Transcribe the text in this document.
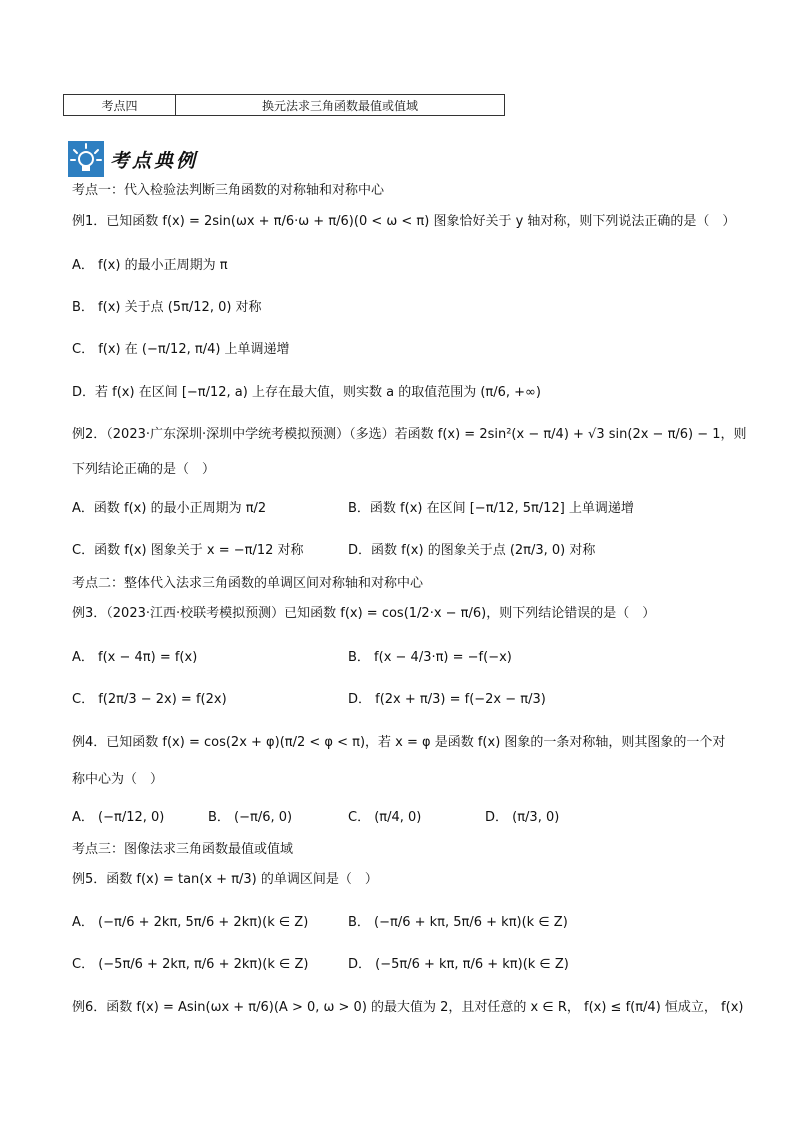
考点四	换元法求三角函数最值或值域
考点典例
考点一：代入检验法判断三角函数的对称轴和对称中心
例1．已知函数 f(x) = 2sin(ωx + π/6·ω + π/6)(0 < ω < π) 图象恰好关于 y 轴对称，则下列说法正确的是（　）
A． f(x) 的最小正周期为 π
B． f(x) 关于点 (5π/12, 0) 对称
C． f(x) 在 (−π/12, π/4) 上单调递增
D．若 f(x) 在区间 [−π/12, a) 上存在最大值，则实数 a 的取值范围为 (π/6, +∞)
例2．（2023·广东深圳·深圳中学统考模拟预测）（多选）若函数 f(x) = 2sin²(x − π/4) + √3 sin(2x − π/6) − 1，则
下列结论正确的是（　）
A．函数 f(x) 的最小正周期为 π/2	B．函数 f(x) 在区间 [−π/12, 5π/12] 上单调递增
C．函数 f(x) 图象关于 x = −π/12 对称	D．函数 f(x) 的图象关于点 (2π/3, 0) 对称
考点二：整体代入法求三角函数的单调区间对称轴和对称中心
例3．（2023·江西·校联考模拟预测）已知函数 f(x) = cos(1/2·x − π/6)，则下列结论错误的是（　）
A． f(x − 4π) = f(x)	B． f(x − 4/3·π) = −f(−x)
C． f(2π/3 − 2x) = f(2x)	D． f(2x + π/3) = f(−2x − π/3)
例4．已知函数 f(x) = cos(2x + φ)(π/2 < φ < π)，若 x = φ 是函数 f(x) 图象的一条对称轴，则其图象的一个对
称中心为（　）
A． (−π/12, 0)	B． (−π/6, 0)	C． (π/4, 0)	D． (π/3, 0)
考点三：图像法求三角函数最值或值域
例5．函数 f(x) = tan(x + π/3) 的单调区间是（　）
A． (−π/6 + 2kπ, 5π/6 + 2kπ)(k ∈ Z)	B． (−π/6 + kπ, 5π/6 + kπ)(k ∈ Z)
C． (−5π/6 + 2kπ, π/6 + 2kπ)(k ∈ Z)	D． (−5π/6 + kπ, π/6 + kπ)(k ∈ Z)
例6．函数 f(x) = Asin(ωx + π/6)(A > 0, ω > 0) 的最大值为 2，且对任意的 x ∈ R， f(x) ≤ f(π/4) 恒成立， f(x)
